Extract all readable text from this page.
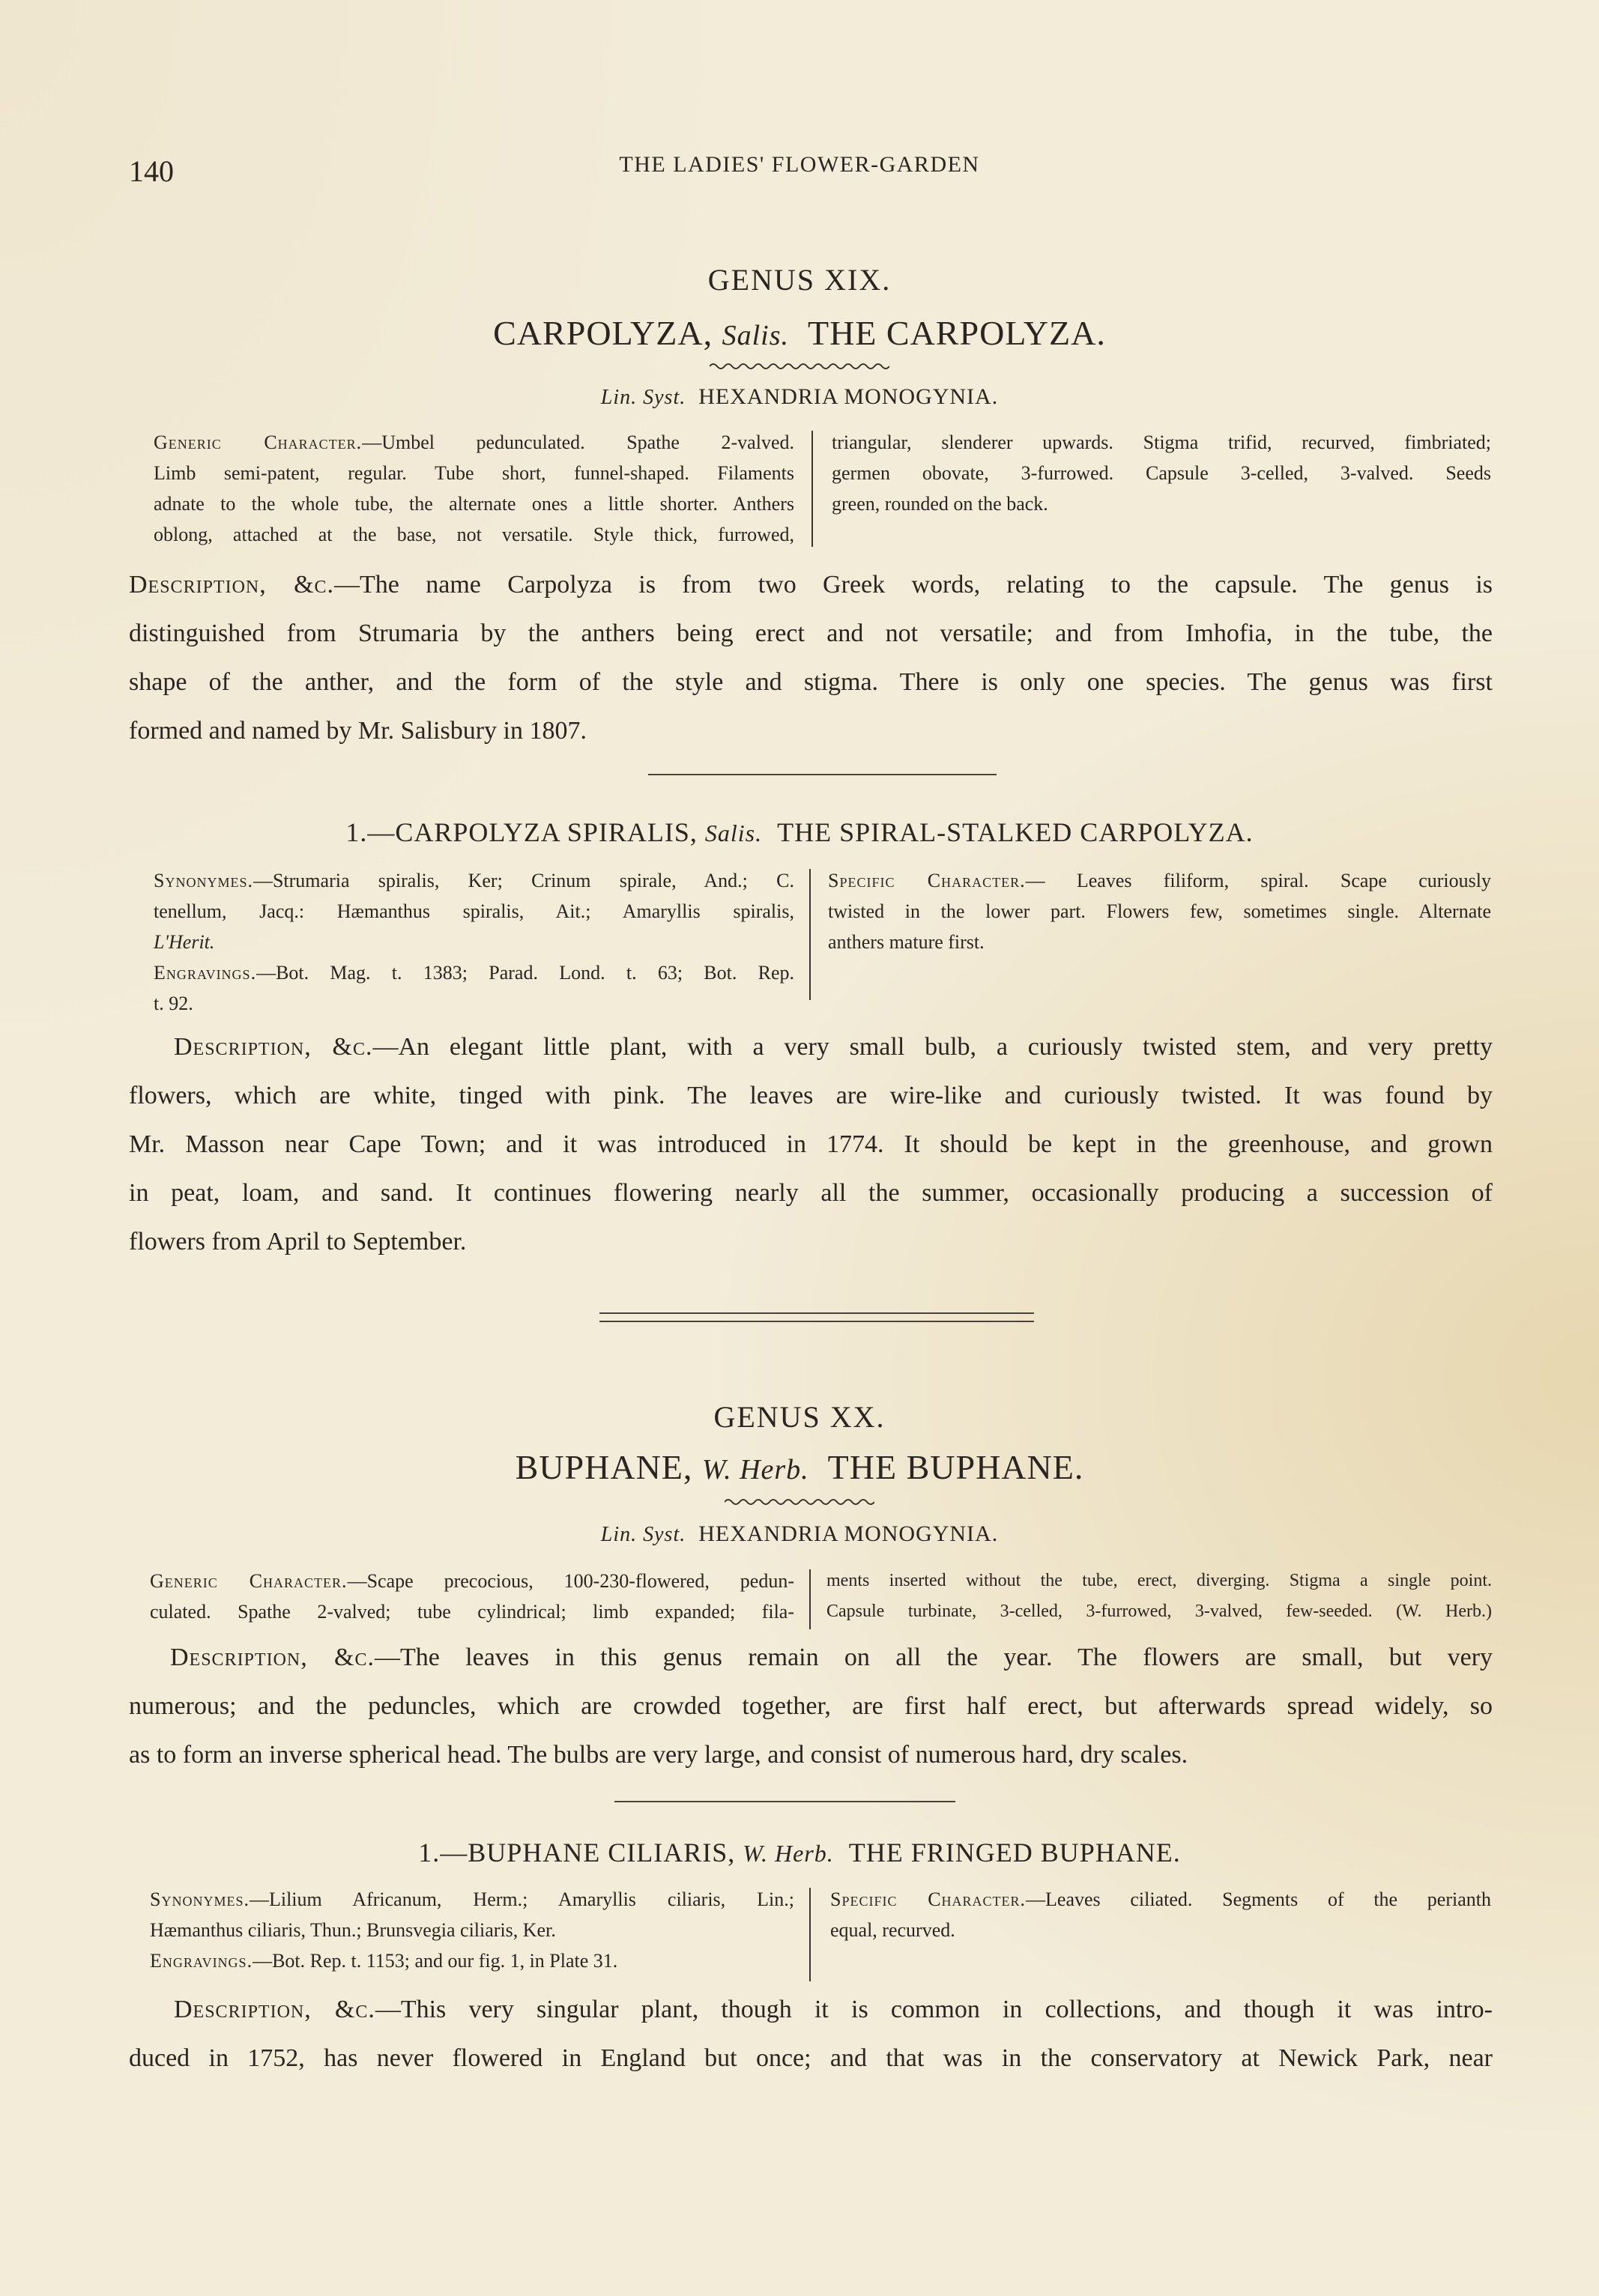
140	THE LADIES' FLOWER-GARDEN
GENUS XIX.
CARPOLYZA, Salis. THE CARPOLYZA.
Lin. Syst. HEXANDRIA MONOGYNIA.
Generic Character.—Umbel pedunculated. Spathe 2-valved.
Limb semi-patent, regular. Tube short, funnel-shaped. Filaments
adnate to the whole tube, the alternate ones a little shorter. Anthers
oblong, attached at the base, not versatile. Style thick, furrowed,
triangular, slenderer upwards. Stigma trifid, recurved, fimbriated;
germen obovate, 3-furrowed. Capsule 3-celled, 3-valved. Seeds
green, rounded on the back.
Description, &c.—The name Carpolyza is from two Greek words, relating to the capsule. The genus is
distinguished from Strumaria by the anthers being erect and not versatile; and from Imhofia, in the tube, the
shape of the anther, and the form of the style and stigma. There is only one species. The genus was first
formed and named by Mr. Salisbury in 1807.
1.—CARPOLYZA SPIRALIS, Salis. THE SPIRAL-STALKED CARPOLYZA.
Synonymes.—Strumaria spiralis, Ker; Crinum spirale, And.; C.
tenellum, Jacq.: Hæmanthus spiralis, Ait.; Amaryllis spiralis,
L'Herit.
Engravings.—Bot. Mag. t. 1383; Parad. Lond. t. 63; Bot. Rep.
t. 92.
Specific Character.— Leaves filiform, spiral. Scape curiously
twisted in the lower part. Flowers few, sometimes single. Alternate
anthers mature first.
Description, &c.—An elegant little plant, with a very small bulb, a curiously twisted stem, and very pretty
flowers, which are white, tinged with pink. The leaves are wire-like and curiously twisted. It was found by
Mr. Masson near Cape Town; and it was introduced in 1774. It should be kept in the greenhouse, and grown
in peat, loam, and sand. It continues flowering nearly all the summer, occasionally producing a succession of
flowers from April to September.
GENUS XX.
BUPHANE, W. Herb. THE BUPHANE.
Lin. Syst. HEXANDRIA MONOGYNIA.
Generic Character.—Scape precocious, 100-230-flowered, pedun-
culated. Spathe 2-valved; tube cylindrical; limb expanded; fila-
ments inserted without the tube, erect, diverging. Stigma a single point.
Capsule turbinate, 3-celled, 3-furrowed, 3-valved, few-seeded. (W. Herb.)
Description, &c.—The leaves in this genus remain on all the year. The flowers are small, but very
numerous; and the peduncles, which are crowded together, are first half erect, but afterwards spread widely, so
as to form an inverse spherical head. The bulbs are very large, and consist of numerous hard, dry scales.
1.—BUPHANE CILIARIS, W. Herb. THE FRINGED BUPHANE.
Synonymes.—Lilium Africanum, Herm.; Amaryllis ciliaris, Lin.;
Hæmanthus ciliaris, Thun.; Brunsvegia ciliaris, Ker.
Engravings.—Bot. Rep. t. 1153; and our fig. 1, in Plate 31.
Specific Character.—Leaves ciliated. Segments of the perianth
equal, recurved.
Description, &c.—This very singular plant, though it is common in collections, and though it was intro-
duced in 1752, has never flowered in England but once; and that was in the conservatory at Newick Park, near
